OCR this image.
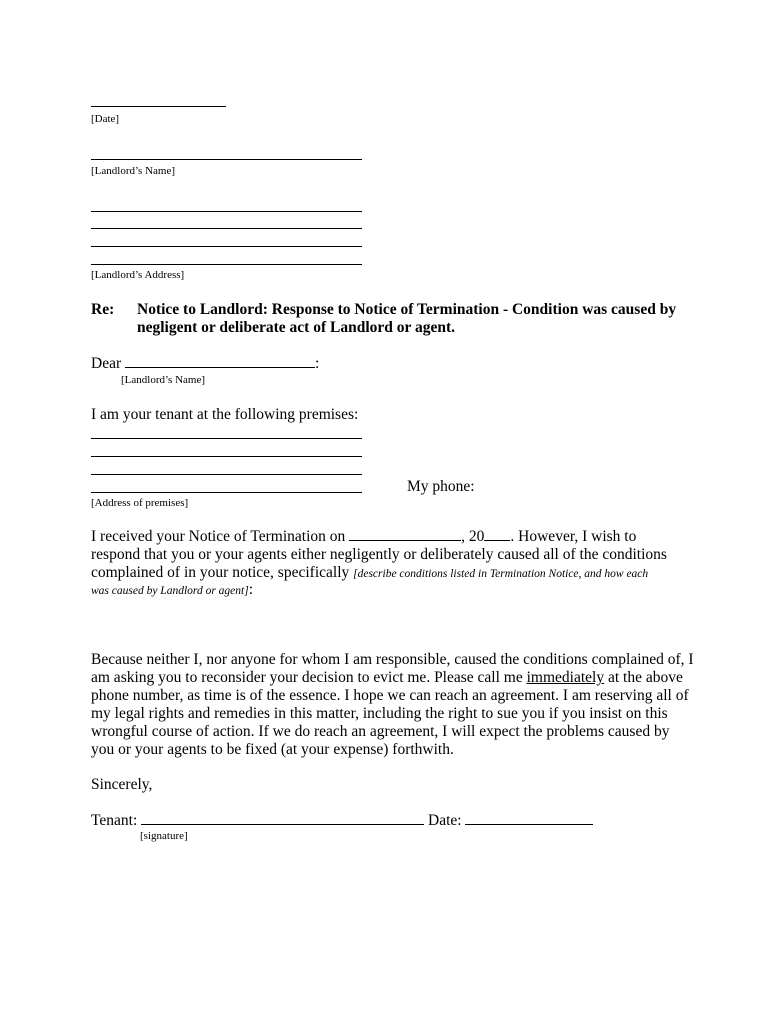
[Date]
[Landlord’s Name]
[Landlord’s Address]
Re: Notice to Landlord: Response to Notice of Termination - Condition was caused by
negligent or deliberate act of Landlord or agent.
Dear	:
[Landlord’s Name]
I am your tenant at the following premises:
My phone:
[Address of premises]
I received your Notice of Termination on	, 20 . However, I wish to
respond that you or your agents either negligently or deliberately caused all of the conditions
complained of in your notice, specifically [describe conditions listed in Termination Notice, and how each
was caused by Landlord or agent]:
Because neither I, nor anyone for whom I am responsible, caused the conditions complained of, I
am asking you to reconsider your decision to evict me. Please call me immediately at the above
phone number, as time is of the essence. I hope we can reach an agreement. I am reserving all of
my legal rights and remedies in this matter, including the right to sue you if you insist on this
wrongful course of action. If we do reach an agreement, I will expect the problems caused by
you or your agents to be fixed (at your expense) forthwith.
Sincerely,
Tenant:	Date:
[signature]
